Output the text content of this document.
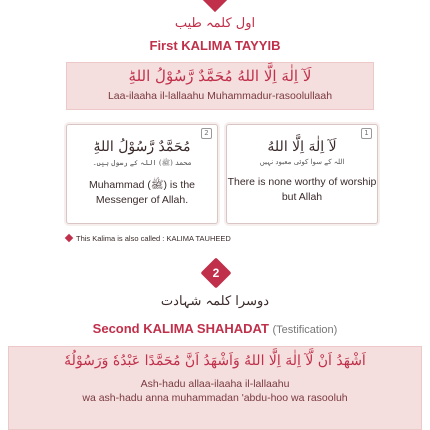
اول کلمہ طیب
First KALIMA TAYYIB
لَآ اِلٰهَ اِلَّا اللهُ مُحَمَّدٌ رَّسُوْلُ اللهِؕ
Laa-ilaaha il-lallaahu Muhammadur-rasoolullaah
2
مُحَمَّدٌ رَّسُوْلُ اللهِؕ
محمد (ﷺ) اللہ کے رسول ہیں۔
Muhammad (ﷺ) is the Messenger of Allah.
1
لَآ اِلٰهَ اِلَّا اللهُ
اللہ کے سوا کوئی معبود نہیں
There is none worthy of worship but Allah
This Kalima is also called : KALIMA TAUHEED
2
دوسرا کلمہ شہادت
Second KALIMA SHAHADAT (Testification)
اَشْهَدُ اَنْ لَّآ اِلٰهَ اِلَّا اللهُ وَاَشْهَدُ اَنَّ مُحَمَّدًا عَبْدُهٗ وَرَسُوْلُهٗ
Ash-hadu allaa-ilaaha il-lallaahu
wa ash-hadu anna muhammadan 'abdu-hoo wa rasooluh
